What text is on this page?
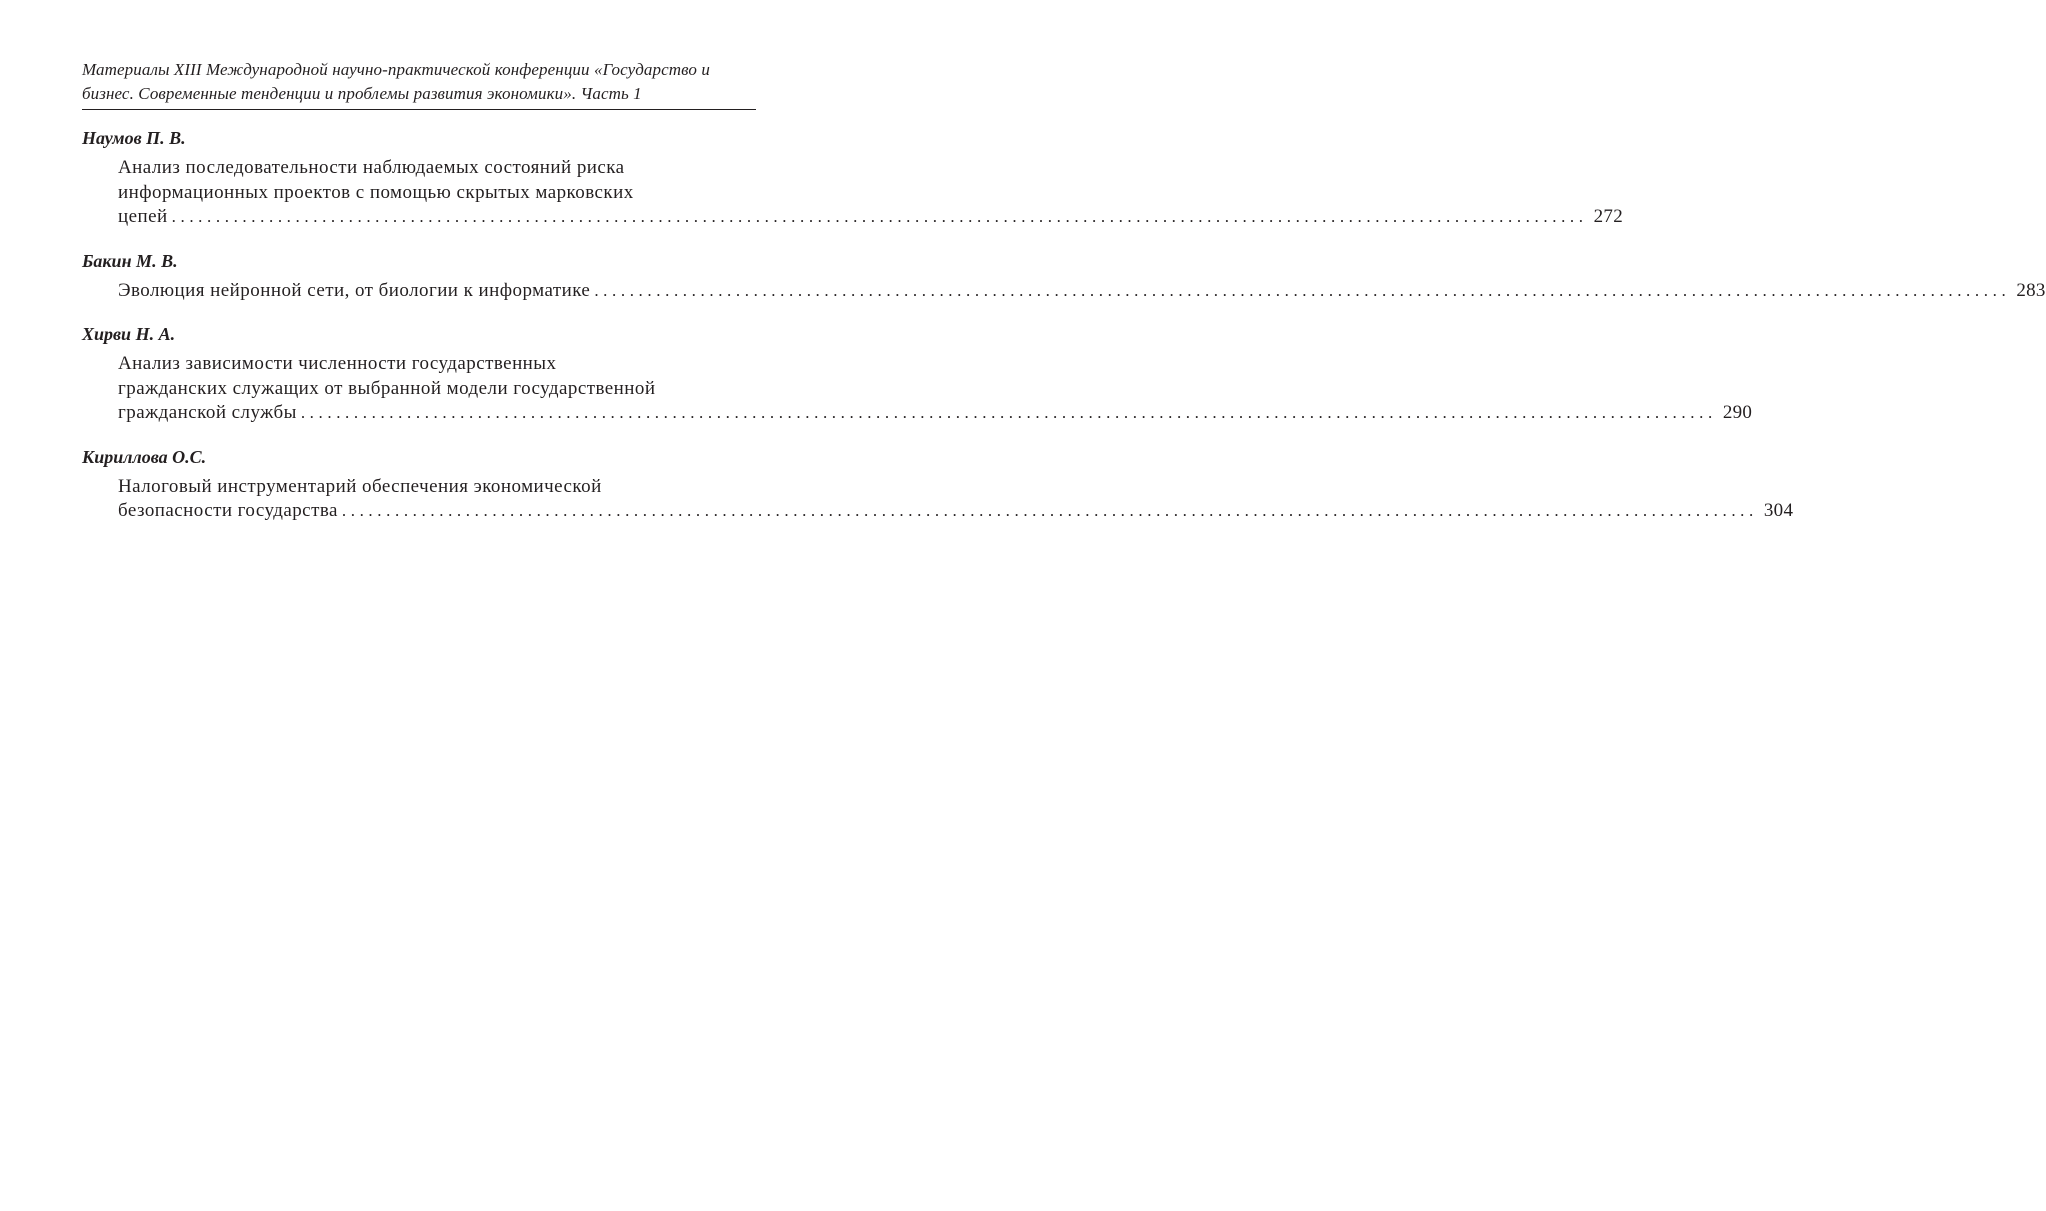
Материалы XIII Международной научно-практической конференции «Государство и
бизнес. Современные тенденции и проблемы развития экономики». Часть 1
Наумов П. В.
Анализ последовательности наблюдаемых состояний риска
информационных проектов с помощью скрытых марковских
цепей ................................................................................................................................................................ 272
Бакин М. В.
Эволюция нейронной сети, от биологии к информатике ................................................................................................................................................................ 283
Хирви Н. А.
Анализ зависимости численности государственных
гражданских служащих от выбранной модели государственной
гражданской службы ................................................................................................................................................................ 290
Кириллова О.С.
Налоговый инструментарий обеспечения экономической
безопасности государства ................................................................................................................................................................ 304
